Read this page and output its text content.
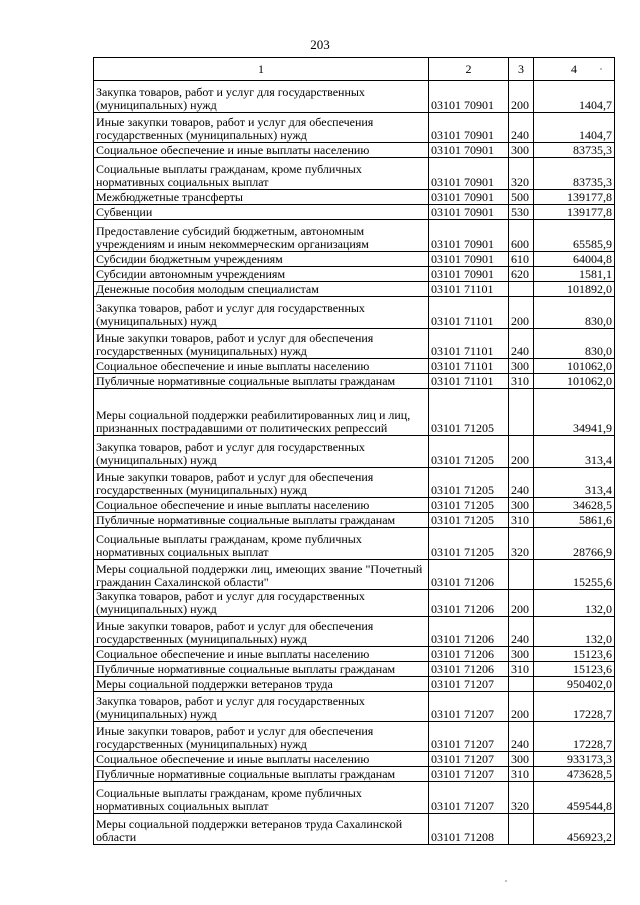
203
1	2	3	4
Закупка товаров, работ и услуг для государственных (муниципальных) нужд	03101 70901	200	1404,7
Иные закупки товаров, работ и услуг для обеспечения государственных (муниципальных) нужд	03101 70901	240	1404,7
Социальное обеспечение и иные выплаты населению	03101 70901	300	83735,3
Социальные выплаты гражданам, кроме публичных нормативных социальных выплат	03101 70901	320	83735,3
Межбюджетные трансферты	03101 70901	500	139177,8
Субвенции	03101 70901	530	139177,8
Предоставление субсидий бюджетным, автономным учреждениям и иным некоммерческим организациям	03101 70901	600	65585,9
Субсидии бюджетным учреждениям	03101 70901	610	64004,8
Субсидии автономным учреждениям	03101 70901	620	1581,1
Денежные пособия молодым специалистам	03101 71101		101892,0
Закупка товаров, работ и услуг для государственных (муниципальных) нужд	03101 71101	200	830,0
Иные закупки товаров, работ и услуг для обеспечения государственных (муниципальных) нужд	03101 71101	240	830,0
Социальное обеспечение и иные выплаты населению	03101 71101	300	101062,0
Публичные нормативные социальные выплаты гражданам	03101 71101	310	101062,0
Меры социальной поддержки реабилитированных лиц и лиц, признанных пострадавшими от политических репрессий	03101 71205		34941,9
Закупка товаров, работ и услуг для государственных (муниципальных) нужд	03101 71205	200	313,4
Иные закупки товаров, работ и услуг для обеспечения государственных (муниципальных) нужд	03101 71205	240	313,4
Социальное обеспечение и иные выплаты населению	03101 71205	300	34628,5
Публичные нормативные социальные выплаты гражданам	03101 71205	310	5861,6
Социальные выплаты гражданам, кроме публичных нормативных социальных выплат	03101 71205	320	28766,9
Меры социальной поддержки лиц, имеющих звание "Почетный гражданин Сахалинской области"	03101 71206		15255,6
Закупка товаров, работ и услуг для государственных (муниципальных) нужд	03101 71206	200	132,0
Иные закупки товаров, работ и услуг для обеспечения государственных (муниципальных) нужд	03101 71206	240	132,0
Социальное обеспечение и иные выплаты населению	03101 71206	300	15123,6
Публичные нормативные социальные выплаты гражданам	03101 71206	310	15123,6
Меры социальной поддержки ветеранов труда	03101 71207		950402,0
Закупка товаров, работ и услуг для государственных (муниципальных) нужд	03101 71207	200	17228,7
Иные закупки товаров, работ и услуг для обеспечения государственных (муниципальных) нужд	03101 71207	240	17228,7
Социальное обеспечение и иные выплаты населению	03101 71207	300	933173,3
Публичные нормативные социальные выплаты гражданам	03101 71207	310	473628,5
Социальные выплаты гражданам, кроме публичных нормативных социальных выплат	03101 71207	320	459544,8
Меры социальной поддержки ветеранов труда Сахалинской области	03101 71208		456923,2
